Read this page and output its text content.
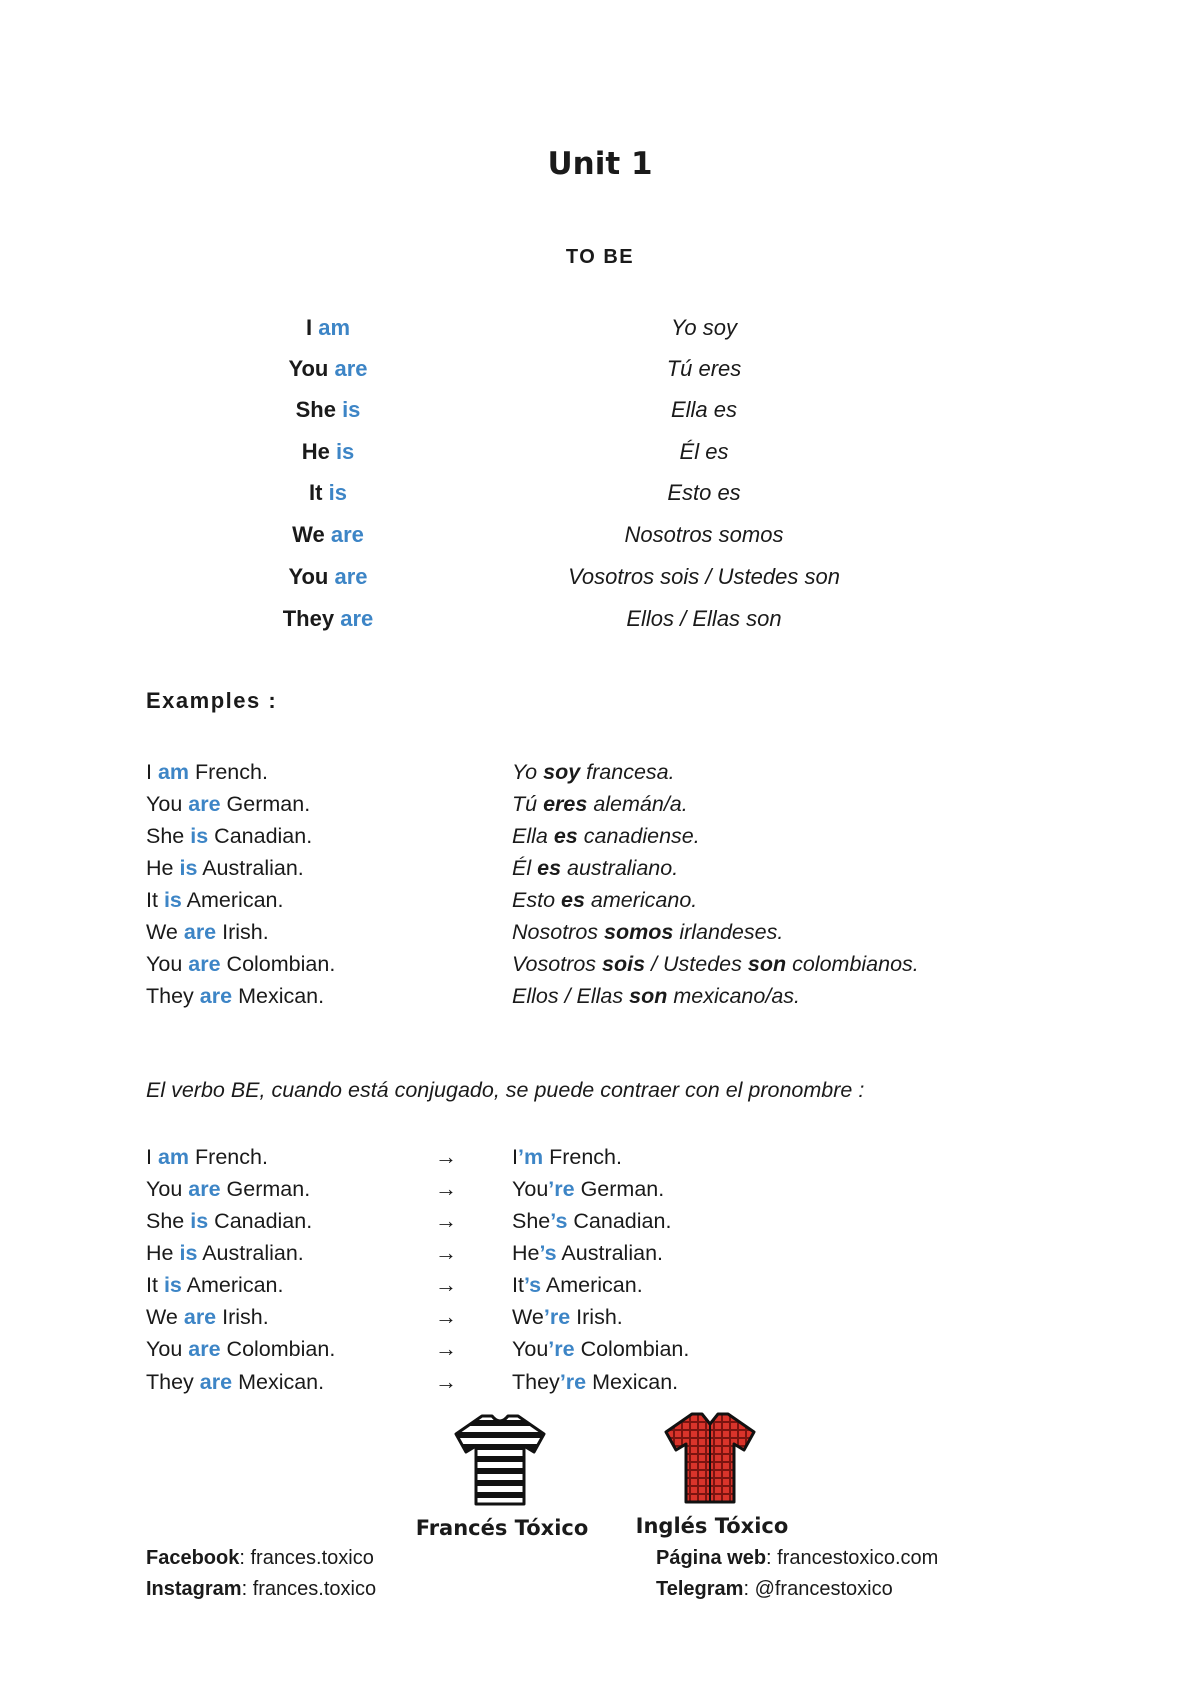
Unit 1
TO BE
I am	Yo soy
You are	Tú eres
She is	Ella es
He is	Él es
It is	Esto es
We are	Nosotros somos
You are	Vosotros sois / Ustedes son
They are	Ellos / Ellas son
Examples :
I am French.	Yo soy francesa.
You are German.	Tú eres alemán/a.
She is Canadian.	Ella es canadiense.
He is Australian.	Él es australiano.
It is American.	Esto es americano.
We are Irish.	Nosotros somos irlandeses.
You are Colombian.	Vosotros sois / Ustedes son colombianos.
They are Mexican.	Ellos / Ellas son mexicano/as.
El verbo BE, cuando está conjugado, se puede contraer con el pronombre :
I am French.	→	I’m French.
You are German.	→	You’re German.
She is Canadian.	→	She’s Canadian.
He is Australian.	→	He’s Australian.
It is American.	→	It’s American.
We are Irish.	→	We’re Irish.
You are Colombian.	→	You’re Colombian.
They are Mexican.	→	They’re Mexican.
Francés Tóxico	Inglés Tóxico
Facebook: frances.toxico
Instagram: frances.toxico
Página web: francestoxico.com
Telegram: @francestoxico
